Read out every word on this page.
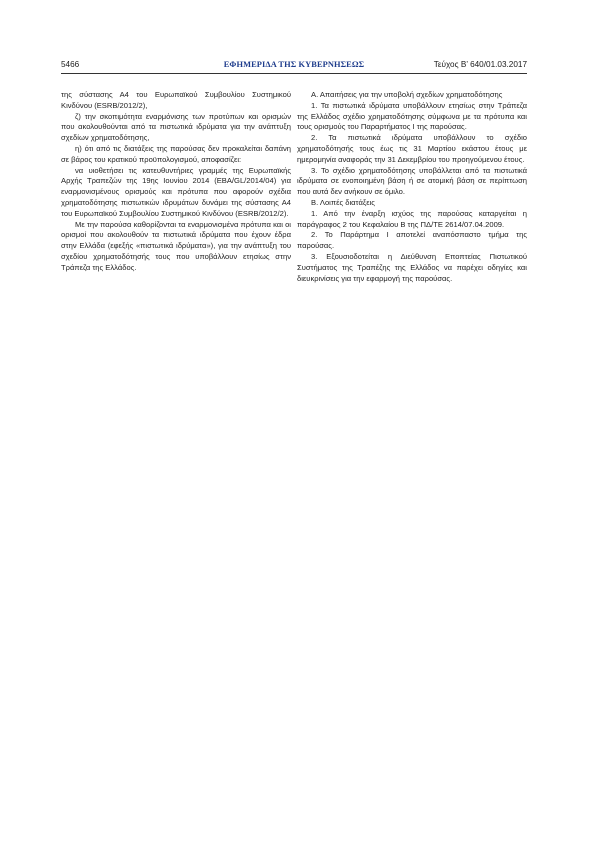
5466	ΕΦΗΜΕΡΙΔΑ ΤΗΣ ΚΥΒΕΡΝΗΣΕΩΣ	Τεύχος Β’ 640/01.03.2017

της σύστασης Α4 του Ευρωπαϊκού Συμβουλίου Συστημικού Κινδύνου (ESRB/2012/2),

ζ) την σκοπιμότητα εναρμόνισης των προτύπων και ορισμών που ακολουθούνται από τα πιστωτικά ιδρύματα για την ανάπτυξη σχεδίων χρηματοδότησης,

η) ότι από τις διατάξεις της παρούσας δεν προκαλείται δαπάνη σε βάρος του κρατικού προϋπολογισμού, αποφασίζει:

να υιοθετήσει τις κατευθυντήριες γραμμές της Ευρωπαϊκής Αρχής Τραπεζών της 19ης Ιουνίου 2014 (EBA/GL/2014/04) για εναρμονισμένους ορισμούς και πρότυπα που αφορούν σχέδια χρηματοδότησης πιστωτικών ιδρυμάτων δυνάμει της σύστασης Α4 του Ευρωπαϊκού Συμβουλίου Συστημικού Κινδύνου (ESRB/2012/2).

Με την παρούσα καθορίζονται τα εναρμονισμένα πρότυπα και οι ορισμοί που ακολουθούν τα πιστωτικά ιδρύματα που έχουν έδρα στην Ελλάδα (εφεξής «πιστωτικά ιδρύματα»), για την ανάπτυξη του σχεδίου χρηματοδότησής τους που υποβάλλουν ετησίως στην Τράπεζα της Ελλάδος.

Α. Απαιτήσεις για την υποβολή σχεδίων χρηματοδότησης

1. Τα πιστωτικά ιδρύματα υποβάλλουν ετησίως στην Τράπεζα της Ελλάδος σχέδιο χρηματοδότησης σύμφωνα με τα πρότυπα και τους ορισμούς του Παραρτήματος Ι της παρούσας.

2. Τα πιστωτικά ιδρύματα υποβάλλουν το σχέδιο χρηματοδότησής τους έως τις 31 Μαρτίου εκάστου έτους με ημερομηνία αναφοράς την 31 Δεκεμβρίου του προηγούμενου έτους.

3. Το σχέδιο χρηματοδότησης υποβάλλεται από τα πιστωτικά ιδρύματα σε ενοποιημένη βάση ή σε ατομική βάση σε περίπτωση που αυτά δεν ανήκουν σε όμιλο.

Β. Λοιπές διατάξεις

1. Από την έναρξη ισχύος της παρούσας καταργείται η παράγραφος 2 του Κεφαλαίου Β της ΠΔ/ΤΕ 2614/07.04.2009.

2. Το Παράρτημα Ι αποτελεί αναπόσπαστο τμήμα της παρούσας.

3. Εξουσιοδοτείται η Διεύθυνση Εποπτείας Πιστωτικού Συστήματος της Τραπέζης της Ελλάδος να παρέχει οδηγίες και διευκρινίσεις για την εφαρμογή της παρούσας.
